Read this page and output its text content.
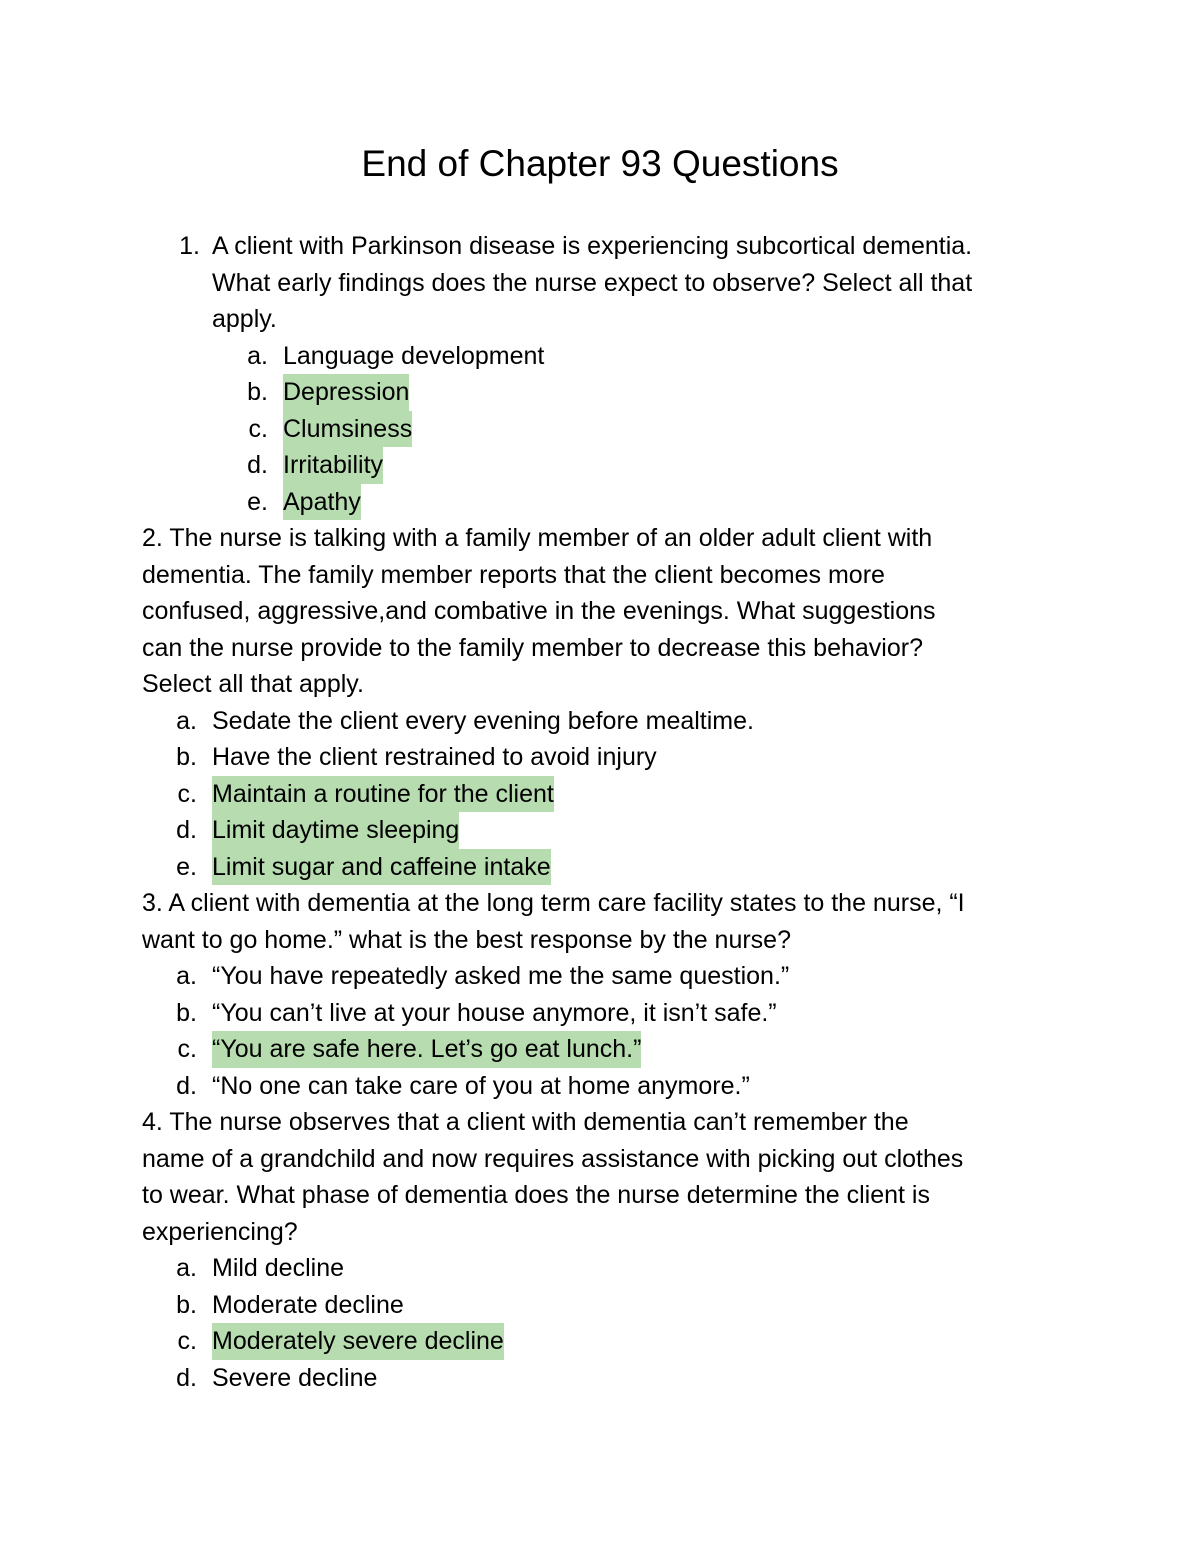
End of Chapter 93 Questions
1. A client with Parkinson disease is experiencing subcortical dementia.
What early findings does the nurse expect to observe? Select all that
apply.
a. Language development
b. Depression
c. Clumsiness
d. Irritability
e. Apathy
2. The nurse is talking with a family member of an older adult client with
dementia. The family member reports that the client becomes more
confused, aggressive,and combative in the evenings. What suggestions
can the nurse provide to the family member to decrease this behavior?
Select all that apply.
a. Sedate the client every evening before mealtime.
b. Have the client restrained to avoid injury
c. Maintain a routine for the client
d. Limit daytime sleeping
e. Limit sugar and caffeine intake
3. A client with dementia at the long term care facility states to the nurse, “I
want to go home.” what is the best response by the nurse?
a. “You have repeatedly asked me the same question.”
b. “You can’t live at your house anymore, it isn’t safe.”
c. “You are safe here. Let’s go eat lunch.”
d. “No one can take care of you at home anymore.”
4. The nurse observes that a client with dementia can’t remember the
name of a grandchild and now requires assistance with picking out clothes
to wear. What phase of dementia does the nurse determine the client is
experiencing?
a. Mild decline
b. Moderate decline
c. Moderately severe decline
d. Severe decline
